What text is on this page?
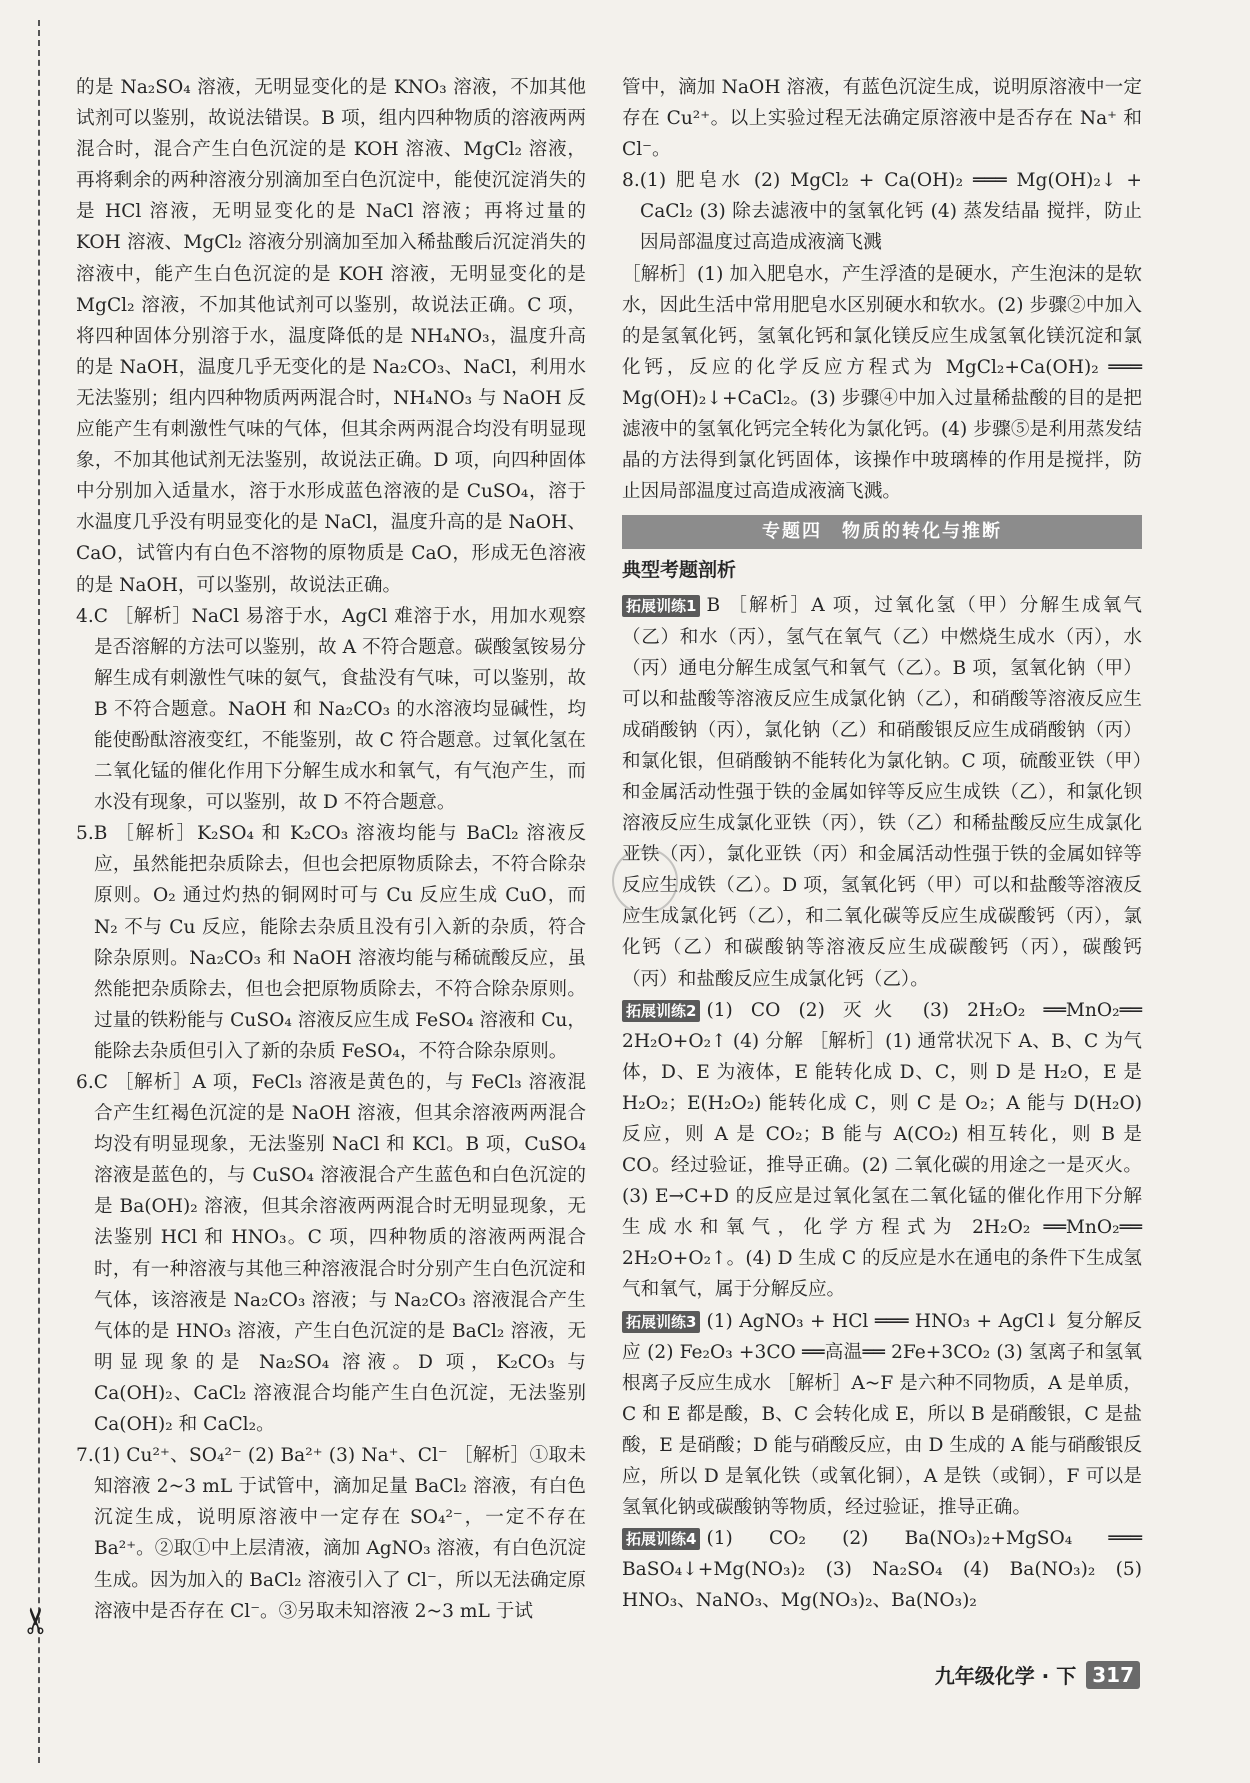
✂

的是 Na₂SO₄ 溶液，无明显变化的是 KNO₃ 溶液，不加其他试剂可以鉴别，故说法错误。B 项，组内四种物质的溶液两两混合时，混合产生白色沉淀的是 KOH 溶液、MgCl₂ 溶液，再将剩余的两种溶液分别滴加至白色沉淀中，能使沉淀消失的是 HCl 溶液，无明显变化的是 NaCl 溶液；再将过量的 KOH 溶液、MgCl₂ 溶液分别滴加至加入稀盐酸后沉淀消失的溶液中，能产生白色沉淀的是 KOH 溶液，无明显变化的是 MgCl₂ 溶液，不加其他试剂可以鉴别，故说法正确。C 项，将四种固体分别溶于水，温度降低的是 NH₄NO₃，温度升高的是 NaOH，温度几乎无变化的是 Na₂CO₃、NaCl，利用水无法鉴别；组内四种物质两两混合时，NH₄NO₃ 与 NaOH 反应能产生有刺激性气味的气体，但其余两两混合均没有明显现象，不加其他试剂无法鉴别，故说法正确。D 项，向四种固体中分别加入适量水，溶于水形成蓝色溶液的是 CuSO₄，溶于水温度几乎没有明显变化的是 NaCl，温度升高的是 NaOH、CaO，试管内有白色不溶物的原物质是 CaO，形成无色溶液的是 NaOH，可以鉴别，故说法正确。

4.C ［解析］NaCl 易溶于水，AgCl 难溶于水，用加水观察是否溶解的方法可以鉴别，故 A 不符合题意。碳酸氢铵易分解生成有刺激性气味的氨气，食盐没有气味，可以鉴别，故 B 不符合题意。NaOH 和 Na₂CO₃ 的水溶液均显碱性，均能使酚酞溶液变红，不能鉴别，故 C 符合题意。过氧化氢在二氧化锰的催化作用下分解生成水和氧气，有气泡产生，而水没有现象，可以鉴别，故 D 不符合题意。

5.B ［解析］K₂SO₄ 和 K₂CO₃ 溶液均能与 BaCl₂ 溶液反应，虽然能把杂质除去，但也会把原物质除去，不符合除杂原则。O₂ 通过灼热的铜网时可与 Cu 反应生成 CuO，而 N₂ 不与 Cu 反应，能除去杂质且没有引入新的杂质，符合除杂原则。Na₂CO₃ 和 NaOH 溶液均能与稀硫酸反应，虽然能把杂质除去，但也会把原物质除去，不符合除杂原则。过量的铁粉能与 CuSO₄ 溶液反应生成 FeSO₄ 溶液和 Cu，能除去杂质但引入了新的杂质 FeSO₄，不符合除杂原则。

6.C ［解析］A 项，FeCl₃ 溶液是黄色的，与 FeCl₃ 溶液混合产生红褐色沉淀的是 NaOH 溶液，但其余溶液两两混合均没有明显现象，无法鉴别 NaCl 和 KCl。B 项，CuSO₄ 溶液是蓝色的，与 CuSO₄ 溶液混合产生蓝色和白色沉淀的是 Ba(OH)₂ 溶液，但其余溶液两两混合时无明显现象，无法鉴别 HCl 和 HNO₃。C 项，四种物质的溶液两两混合时，有一种溶液与其他三种溶液混合时分别产生白色沉淀和气体，该溶液是 Na₂CO₃ 溶液；与 Na₂CO₃ 溶液混合产生气体的是 HNO₃ 溶液，产生白色沉淀的是 BaCl₂ 溶液，无明显现象的是 Na₂SO₄ 溶液。D 项，K₂CO₃ 与 Ca(OH)₂、CaCl₂ 溶液混合均能产生白色沉淀，无法鉴别 Ca(OH)₂ 和 CaCl₂。

7.(1) Cu²⁺、SO₄²⁻ (2) Ba²⁺ (3) Na⁺、Cl⁻ ［解析］①取未知溶液 2~3 mL 于试管中，滴加足量 BaCl₂ 溶液，有白色沉淀生成，说明原溶液中一定存在 SO₄²⁻，一定不存在 Ba²⁺。②取①中上层清液，滴加 AgNO₃ 溶液，有白色沉淀生成。因为加入的 BaCl₂ 溶液引入了 Cl⁻，所以无法确定原溶液中是否存在 Cl⁻。③另取未知溶液 2~3 mL 于试

管中，滴加 NaOH 溶液，有蓝色沉淀生成，说明原溶液中一定存在 Cu²⁺。以上实验过程无法确定原溶液中是否存在 Na⁺ 和 Cl⁻。

8.(1) 肥皂水 (2) MgCl₂ + Ca(OH)₂ ═══ Mg(OH)₂↓ + CaCl₂ (3) 除去滤液中的氢氧化钙 (4) 蒸发结晶 搅拌，防止因局部温度过高造成液滴飞溅

［解析］(1) 加入肥皂水，产生浮渣的是硬水，产生泡沫的是软水，因此生活中常用肥皂水区别硬水和软水。(2) 步骤②中加入的是氢氧化钙，氢氧化钙和氯化镁反应生成氢氧化镁沉淀和氯化钙，反应的化学反应方程式为 MgCl₂+Ca(OH)₂ ═══ Mg(OH)₂↓+CaCl₂。(3) 步骤④中加入过量稀盐酸的目的是把滤液中的氢氧化钙完全转化为氯化钙。(4) 步骤⑤是利用蒸发结晶的方法得到氯化钙固体，该操作中玻璃棒的作用是搅拌，防止因局部温度过高造成液滴飞溅。

专题四　物质的转化与推断
典型考题剖析

拓展训练1 B ［解析］A 项，过氧化氢（甲）分解生成氧气（乙）和水（丙），氢气在氧气（乙）中燃烧生成水（丙），水（丙）通电分解生成氢气和氧气（乙）。B 项，氢氧化钠（甲）可以和盐酸等溶液反应生成氯化钠（乙），和硝酸等溶液反应生成硝酸钠（丙），氯化钠（乙）和硝酸银反应生成硝酸钠（丙）和氯化银，但硝酸钠不能转化为氯化钠。C 项，硫酸亚铁（甲）和金属活动性强于铁的金属如锌等反应生成铁（乙），和氯化钡溶液反应生成氯化亚铁（丙），铁（乙）和稀盐酸反应生成氯化亚铁（丙），氯化亚铁（丙）和金属活动性强于铁的金属如锌等反应生成铁（乙）。D 项，氢氧化钙（甲）可以和盐酸等溶液反应生成氯化钙（乙），和二氧化碳等反应生成碳酸钙（丙），氯化钙（乙）和碳酸钠等溶液反应生成碳酸钙（丙），碳酸钙（丙）和盐酸反应生成氯化钙（乙）。

拓展训练2 (1) CO (2) 灭火 (3) 2H₂O₂ ══MnO₂══ 2H₂O+O₂↑ (4) 分解 ［解析］(1) 通常状况下 A、B、C 为气体，D、E 为液体，E 能转化成 D、C，则 D 是 H₂O，E 是 H₂O₂；E(H₂O₂) 能转化成 C，则 C 是 O₂；A 能与 D(H₂O) 反应，则 A 是 CO₂；B 能与 A(CO₂) 相互转化，则 B 是 CO。经过验证，推导正确。(2) 二氧化碳的用途之一是灭火。(3) E→C+D 的反应是过氧化氢在二氧化锰的催化作用下分解生成水和氧气，化学方程式为 2H₂O₂ ══MnO₂══ 2H₂O+O₂↑。(4) D 生成 C 的反应是水在通电的条件下生成氢气和氧气，属于分解反应。

拓展训练3 (1) AgNO₃ + HCl ═══ HNO₃ + AgCl↓ 复分解反应 (2) Fe₂O₃ +3CO ══高温══ 2Fe+3CO₂ (3) 氢离子和氢氧根离子反应生成水 ［解析］A~F 是六种不同物质，A 是单质，C 和 E 都是酸，B、C 会转化成 E，所以 B 是硝酸银，C 是盐酸，E 是硝酸；D 能与硝酸反应，由 D 生成的 A 能与硝酸银反应，所以 D 是氧化铁（或氧化铜），A 是铁（或铜），F 可以是氢氧化钠或碳酸钠等物质，经过验证，推导正确。

拓展训练4 (1) CO₂ (2) Ba(NO₃)₂+MgSO₄ ═══ BaSO₄↓+Mg(NO₃)₂ (3) Na₂SO₄ (4) Ba(NO₃)₂ (5) HNO₃、NaNO₃、Mg(NO₃)₂、Ba(NO₃)₂

九年级化学 · 下 317
